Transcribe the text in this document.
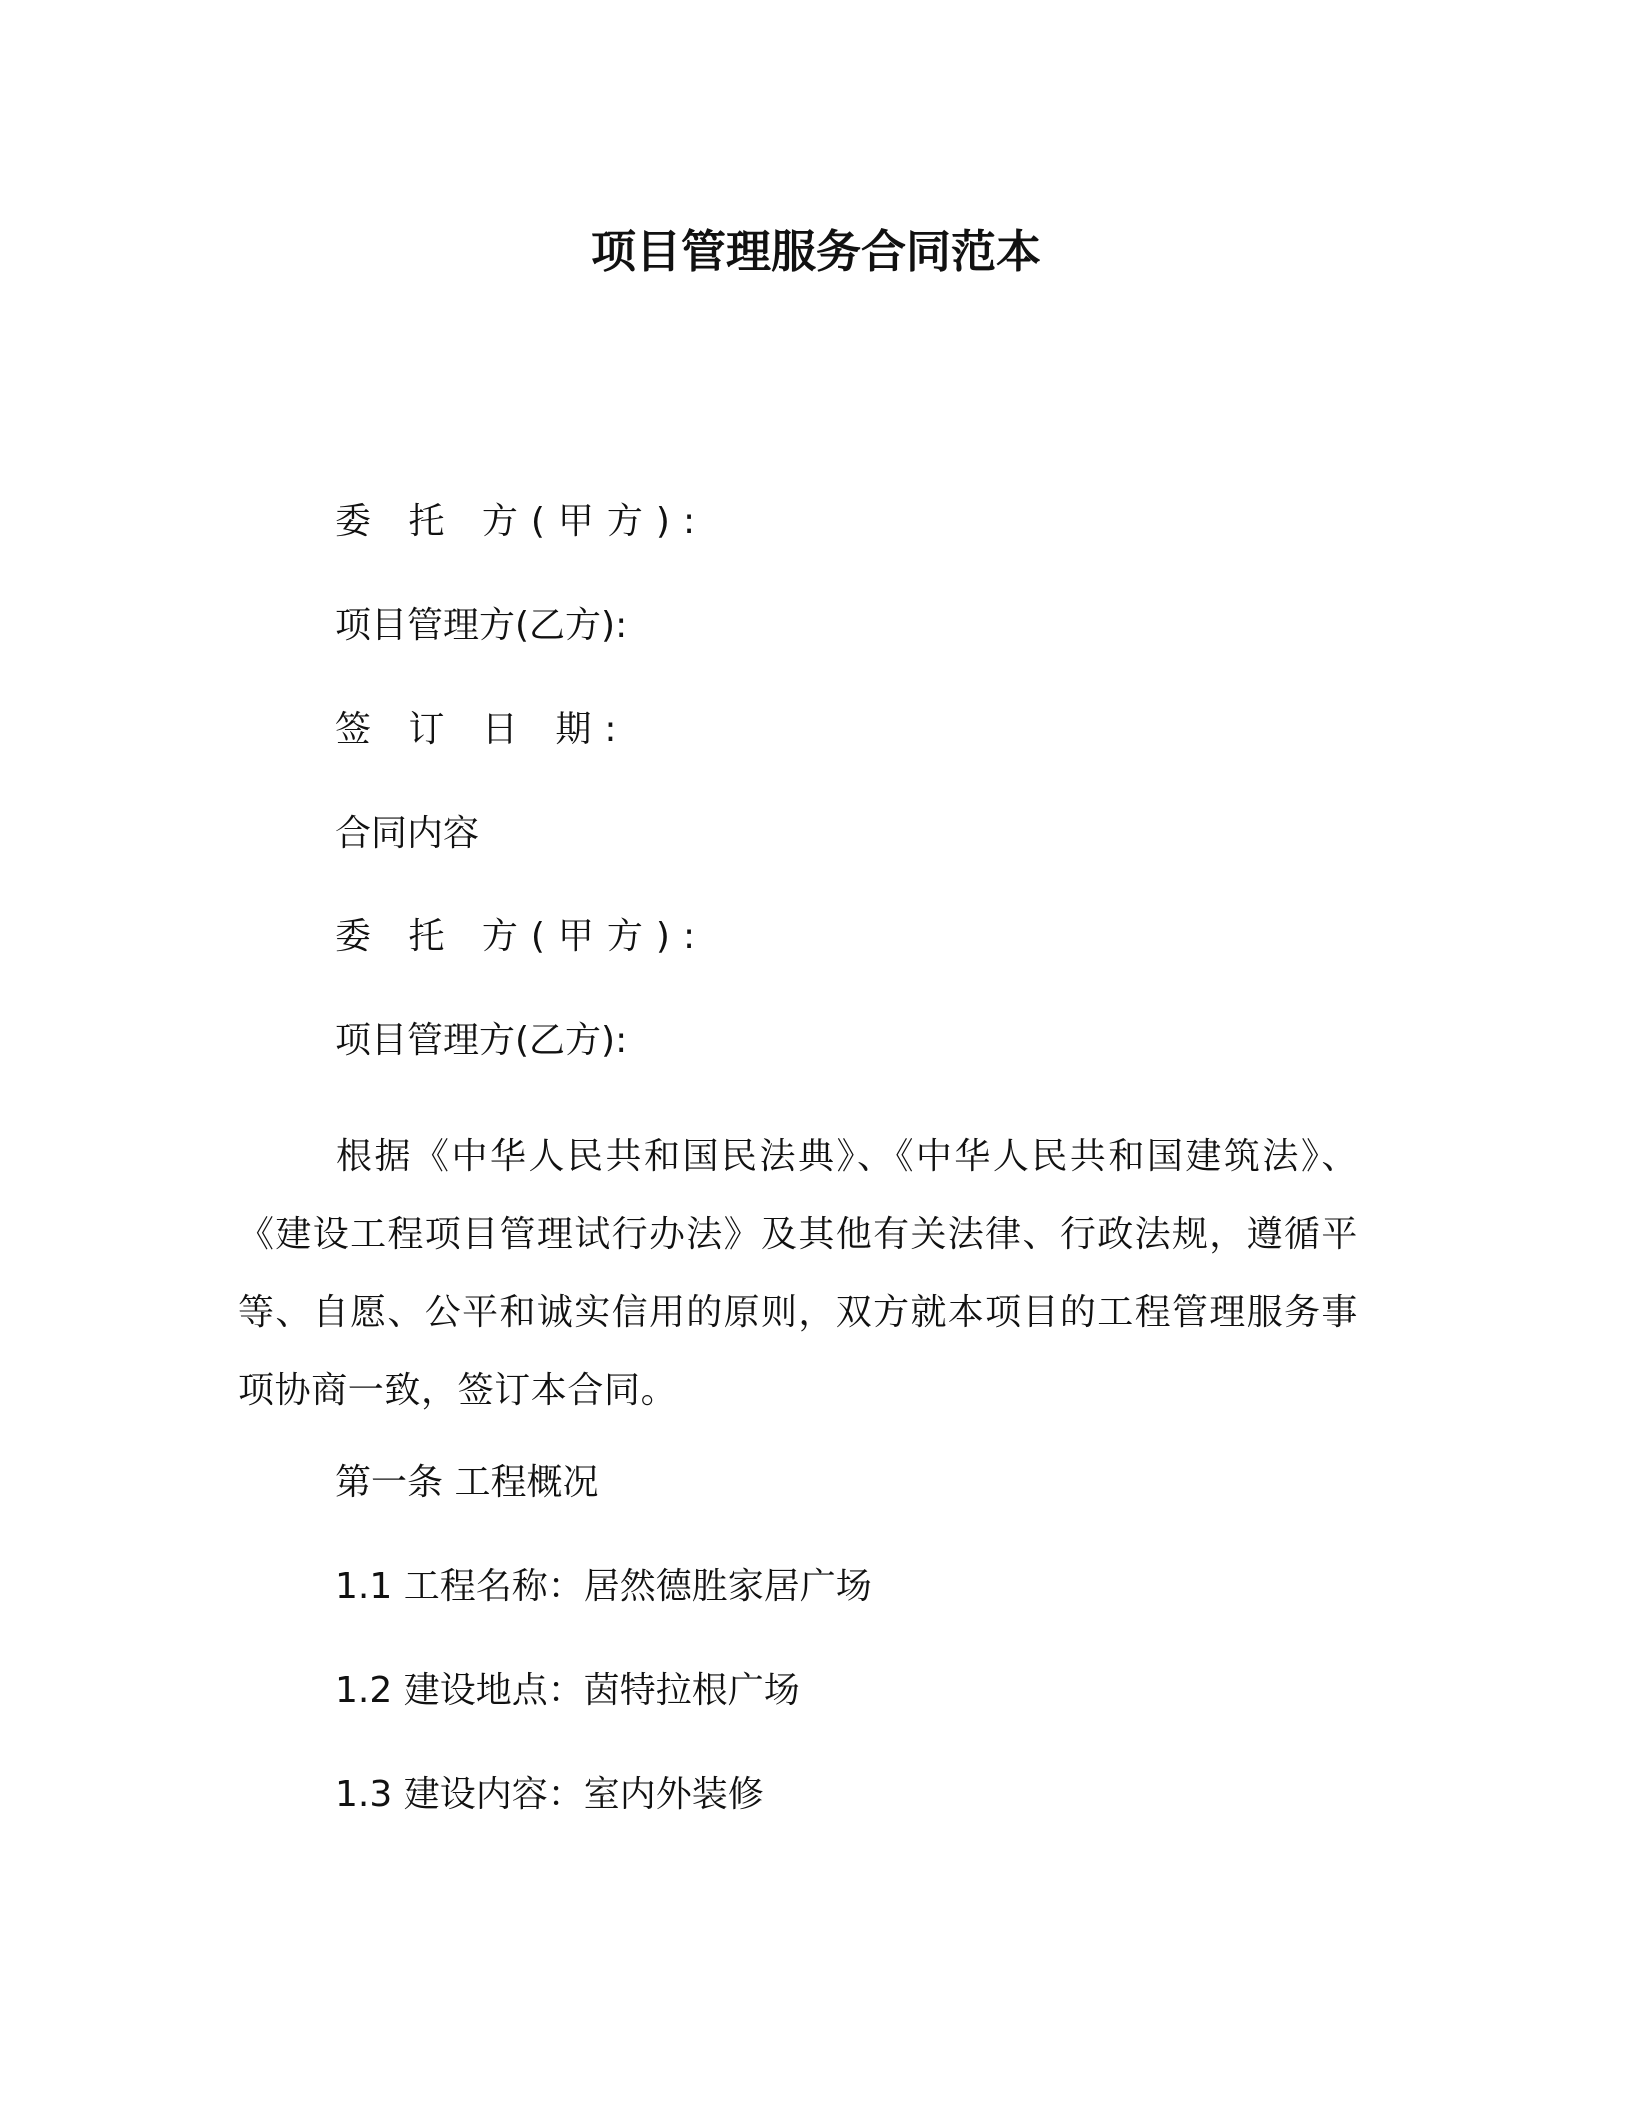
项目管理服务合同范本
委 托 方(甲方):
项目管理方(乙方):
签 订 日 期:
合同内容
委 托 方(甲方):
项目管理方(乙方):
根据《中华人民共和国民法典》、《中华人民共和国建筑法》、《建设工程项目管理试行办法》及其他有关法律、行政法规，遵循平等、自愿、公平和诚实信用的原则，双方就本项目的工程管理服务事项协商一致，签订本合同。
第一条 工程概况
1.1 工程名称：居然德胜家居广场
1.2 建设地点：茵特拉根广场
1.3 建设内容：室内外装修
